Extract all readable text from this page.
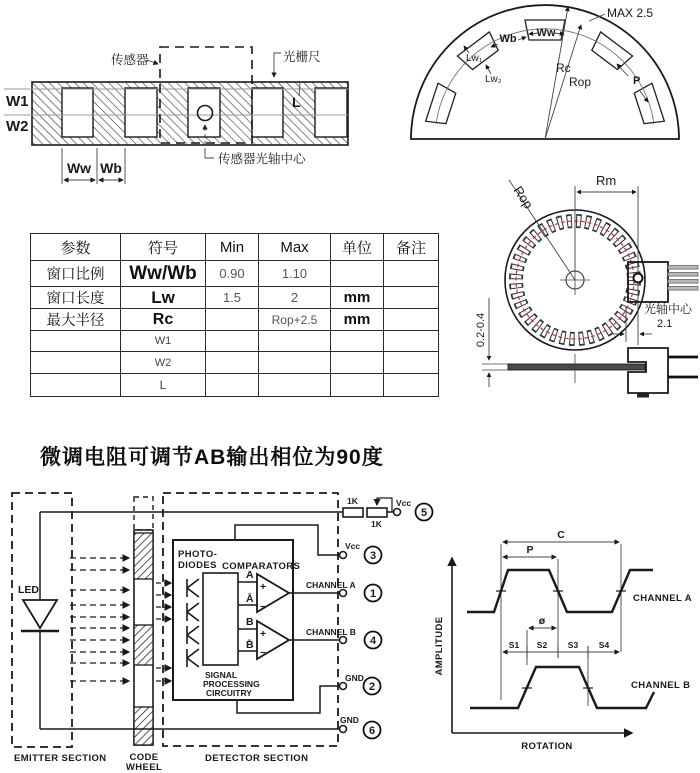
传感器	光栅尺
W1
W2
L
Ww Wb
传感器光轴中心
MAX 2.5
Ww
Wb
Lw₁
Lw₂
Rc
Rop	P
参数	符号	Min	Max	单位	备注
窗口比例	Ww/Wb	0.90	1.10		
窗口长度	Lw	1.5	2	mm	
最大半径	Rc		Rop+2.5	mm	
	W1				
	W2				
	L				
Rop
Rm
光轴中心
2.1
0.2-0.4
微调电阻可调节AB输出相位为90度
5
3
1
4
2
6
LED
PHOTO-
DIODES COMPARATORS
A
Ā
B
B̄
+
−
+
−
SIGNAL
PROCESSING
CIRCUITRY
1K
1K
Vcc
Vcc
CHANNEL A
CHANNEL B
GND
GND
EMITTER SECTION CODE
WHEEL
DETECTOR SECTION
AMPLITUDE
ROTATION
C
P
ø
S1 S2 S3 S4
CHANNEL A
CHANNEL B
